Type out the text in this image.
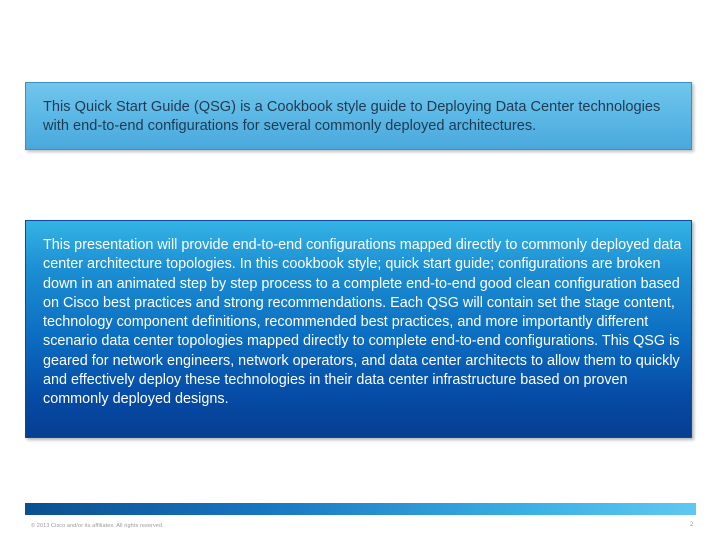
This Quick Start Guide (QSG) is a Cookbook style guide to Deploying Data Center technologies with end-to-end configurations for several commonly deployed architectures.
This presentation will provide end-to-end configurations mapped directly to commonly deployed data center architecture topologies. In this cookbook style; quick start guide; configurations are broken down in an animated step by step process to a complete end-to-end good clean configuration based on Cisco best practices and strong recommendations. Each QSG will contain set the stage content, technology component definitions, recommended best practices, and more importantly different scenario data center topologies mapped directly to complete end-to-end configurations. This QSG is geared for network engineers, network operators, and data center architects to allow them to quickly and effectively deploy these technologies in their data center infrastructure based on proven commonly deployed designs.
© 2013 Cisco and/or its affiliates. All rights reserved.	2
